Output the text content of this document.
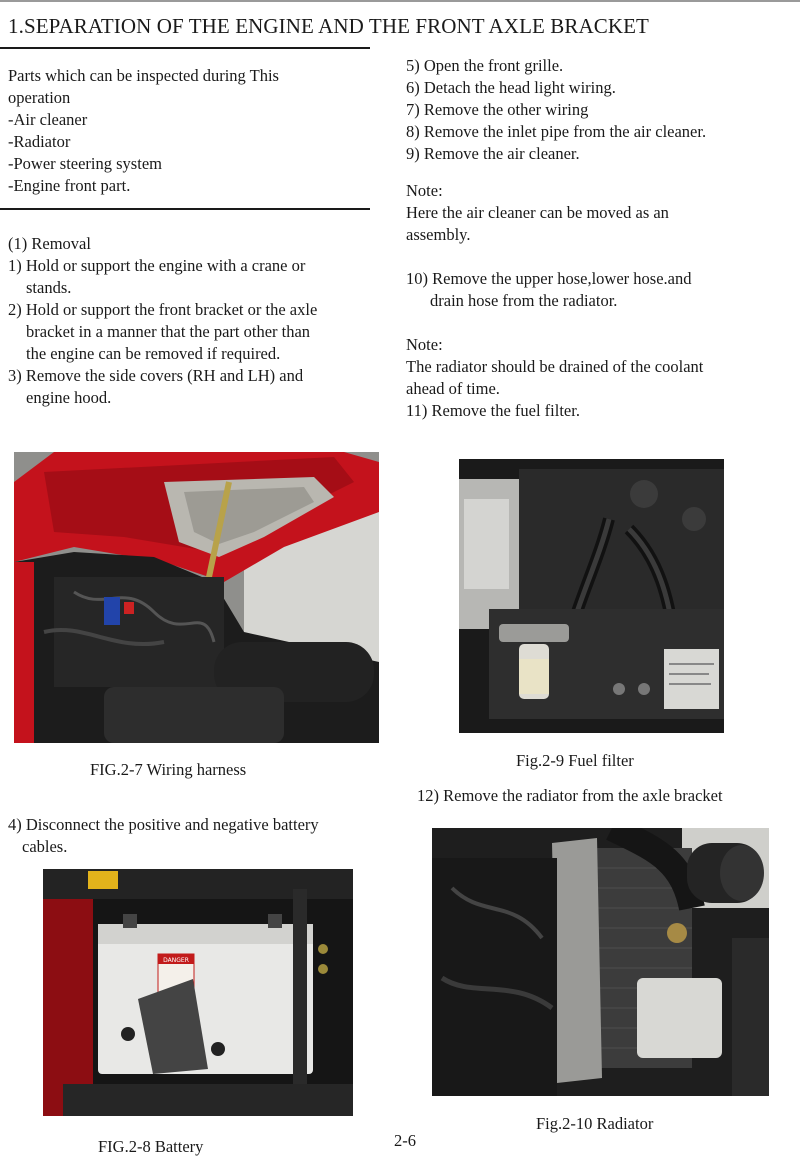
1.SEPARATION OF THE ENGINE AND THE FRONT AXLE BRACKET
Parts which can be inspected during This
operation
-Air cleaner
-Radiator
-Power steering system
-Engine front part.
(1) Removal
1) Hold or support the engine with a crane or
stands.
2) Hold or support the front bracket or the axle
bracket in a manner that the part other than
the engine can be removed if required.
3) Remove the side covers (RH and LH) and
engine hood.
5) Open the front grille.
6) Detach the head light wiring.
7) Remove the other wiring
8) Remove the inlet pipe from the air cleaner.
9) Remove the air cleaner.
Note:
Here the air cleaner can be moved as an
assembly.
10) Remove the upper hose,lower hose.and
drain hose from the radiator.
Note:
The radiator should be drained of the coolant
ahead of time.
11) Remove the fuel filter.
FIG.2-7 Wiring harness	Fig.2-9 Fuel filter
12) Remove the radiator from the axle bracket
4) Disconnect the positive and negative battery
cables.
DANGER
FIG.2-8 Battery
Fig.2-10 Radiator
2-6
